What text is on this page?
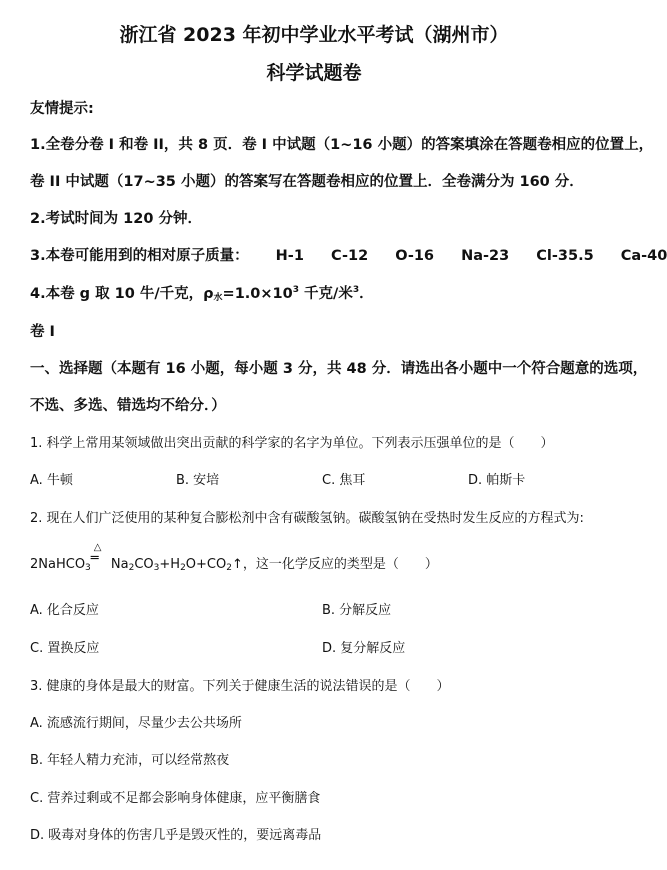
浙江省 2023 年初中学业水平考试（湖州市）
科学试题卷
友情提示:
1.全卷分卷 I 和卷 II，共 8 页．卷 I 中试题（1~16 小题）的答案填涂在答题卷相应的位置上，
卷 II 中试题（17~35 小题）的答案写在答题卷相应的位置上．全卷满分为 160 分．
2.考试时间为 120 分钟．
3.本卷可能用到的相对原子质量： H-1 C-12 O-16 Na-23 Cl-35.5 Ca-40
4.本卷 g 取 10 牛/千克，$\rho_水=1.0\times 10^3$ 千克/米$^3$．
卷 I
一、选择题（本题有 16 小题，每小题 3 分，共 48 分．请选出各小题中一个符合题意的选项，
不选、多选、错选均不给分．）
1. 科学上常用某领域做出突出贡献的科学家的名字为单位。下列表示压强单位的是（　　）
A. 牛顿	B. 安培	C. 焦耳	D. 帕斯卡
2. 现在人们广泛使用的某种复合膨松剂中含有碳酸氢钠。碳酸氢钠在受热时发生反应的方程式为:
2NaHCO$_3$
△
═ $Na_2CO_3+H_2O+CO_2↑$，这一化学反应的类型是（　　）
A. 化合反应	B. 分解反应
C. 置换反应	D. 复分解反应
3. 健康的身体是最大的财富。下列关于健康生活的说法错误的是（　　）
A. 流感流行期间，尽量少去公共场所
B. 年轻人精力充沛，可以经常熬夜
C. 营养过剩或不足都会影响身体健康，应平衡膳食
D. 吸毒对身体的伤害几乎是毁灭性的，要远离毒品
